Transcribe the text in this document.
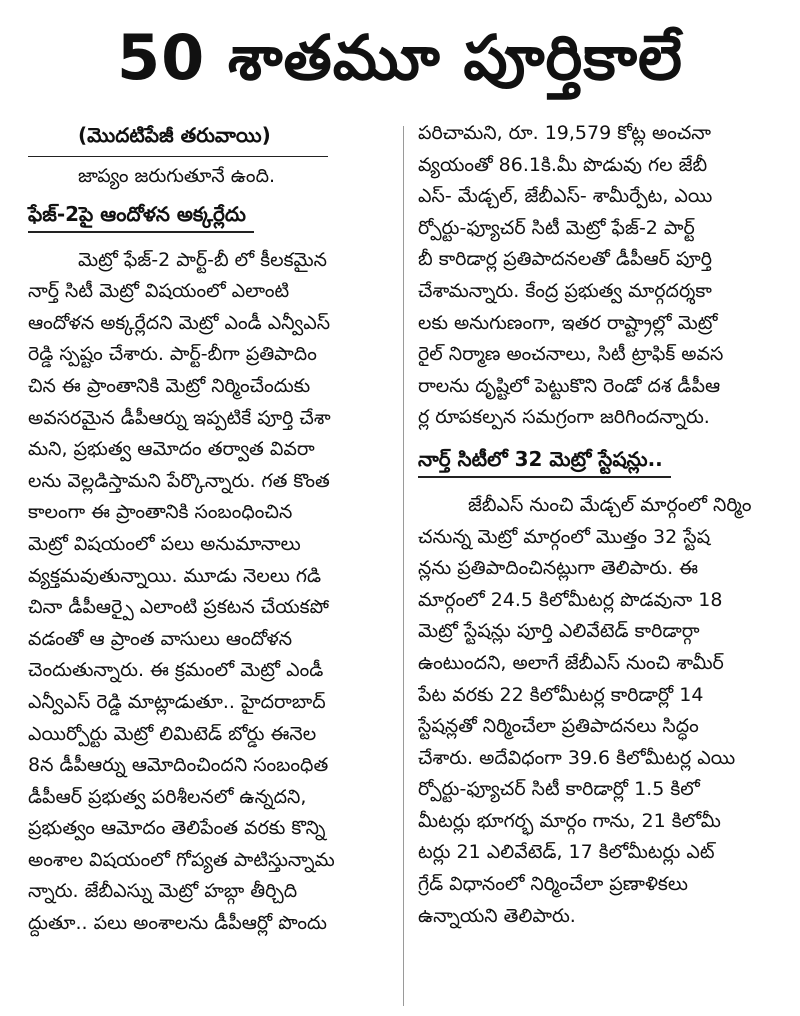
50 శాతమూ పూర్తికాలే
(మొదటిపేజీ తరువాయి)
జాప్యం జరుగుతూనే ఉంది.
ఫేజ్-2పై ఆందోళన అక్కర్లేదు
మెట్రో ఫేజ్-2 పార్ట్-బీ లో కీలకమైన
నార్త్ సిటీ మెట్రో విషయంలో ఎలాంటి
ఆందోళన అక్కర్లేదని మెట్రో ఎండీ ఎన్వీఎస్
రెడ్డి స్పష్టం చేశారు. పార్ట్-బీగా ప్రతిపాదిం
చిన ఈ ప్రాంతానికి మెట్రో నిర్మించేందుకు
అవసరమైన డీపీఆర్ను ఇప్పటికే పూర్తి చేశా
మని, ప్రభుత్వ ఆమోదం తర్వాత వివరా
లను వెల్లడిస్తామని పేర్కొన్నారు. గత కొంత
కాలంగా ఈ ప్రాంతానికి సంబంధించిన
మెట్రో విషయంలో పలు అనుమానాలు
వ్యక్తమవుతున్నాయి. మూడు నెలలు గడి
చినా డీపీఆర్పై ఎలాంటి ప్రకటన చేయకపో
వడంతో ఆ ప్రాంత వాసులు ఆందోళన
చెందుతున్నారు. ఈ క్రమంలో మెట్రో ఎండీ
ఎన్వీఎస్ రెడ్డి మాట్లాడుతూ.. హైదరాబాద్
ఎయిర్పోర్టు మెట్రో లిమిటెడ్ బోర్డు ఈనెల
8న డీపీఆర్ను ఆమోదించిందని సంబంధిత
డీపీఆర్ ప్రభుత్వ పరిశీలనలో ఉన్నదని,
ప్రభుత్వం ఆమోదం తెలిపేంత వరకు కొన్ని
అంశాల విషయంలో గోప్యత పాటిస్తున్నామ
న్నారు. జేబీఎస్ను మెట్రో హబ్గా తీర్చిది
ద్దుతూ.. పలు అంశాలను డీపీఆర్లో పొందు
పరిచామని, రూ. 19,579 కోట్ల అంచనా
వ్యయంతో 86.1కి.మీ పొడువు గల జేబీ
ఎస్- మేడ్చల్, జేబీఎస్- శామీర్పేట, ఎయి
ర్పోర్టు-ఫ్యూచర్ సిటీ మెట్రో ఫేజ్-2 పార్ట్
బీ కారిడార్ల ప్రతిపాదనలతో డీపీఆర్ పూర్తి
చేశామన్నారు. కేంద్ర ప్రభుత్వ మార్గదర్శకా
లకు అనుగుణంగా, ఇతర రాష్ట్రాల్లో మెట్రో
రైల్ నిర్మాణ అంచనాలు, సిటీ ట్రాఫిక్ అవస
రాలను దృష్టిలో పెట్టుకొని రెండో దశ డీపీఆ
ర్ల రూపకల్పన సమగ్రంగా జరిగిందన్నారు.
నార్త్ సిటీలో 32 మెట్రో స్టేషన్లు..
జేబీఎస్ నుంచి మేడ్చల్ మార్గంలో నిర్మిం
చనున్న మెట్రో మార్గంలో మొత్తం 32 స్టేష
న్లను ప్రతిపాదించినట్లుగా తెలిపారు. ఈ
మార్గంలో 24.5 కిలోమీటర్ల పొడవునా 18
మెట్రో స్టేషన్లు పూర్తి ఎలివేటెడ్ కారిడార్గా
ఉంటుందని, అలాగే జేబీఎస్ నుంచి శామీర్
పేట వరకు 22 కిలోమీటర్ల కారిడార్లో 14
స్టేషన్లతో నిర్మించేలా ప్రతిపాదనలు సిద్ధం
చేశారు. అదేవిధంగా 39.6 కిలోమీటర్ల ఎయి
ర్పోర్టు-ఫ్యూచర్ సిటీ కారిడార్లో 1.5 కిలో
మీటర్లు భూగర్భ మార్గం గాను, 21 కిలోమీ
టర్లు 21 ఎలివేటెడ్, 17 కిలోమీటర్లు ఎట్
గ్రేడ్ విధానంలో నిర్మించేలా ప్రణాళికలు
ఉన్నాయని తెలిపారు.
